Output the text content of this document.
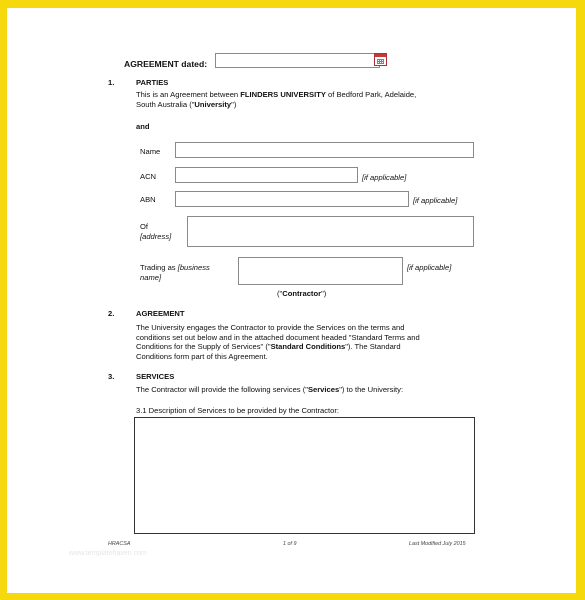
AGREEMENT dated:
1.	PARTIES
This is an Agreement between FLINDERS UNIVERSITY of Bedford Park, Adelaide,
South Australia ("University")
and
Name
ACN	[if applicable]
ABN	[if applicable]
Of
[address]
Trading as [business
name]
[if applicable]
("Contractor")
2.	AGREEMENT
The University engages the Contractor to provide the Services on the terms and
conditions set out below and in the attached document headed "Standard Terms and
Conditions for the Supply of Services" ("Standard Conditions"). The Standard
Conditions form part of this Agreement.
3.	SERVICES
The Contractor will provide the following services ("Services") to the University:
3.1 Description of Services to be provided by the Contractor:
HRACSA	1 of 9	Last Modified July 2015
www.templatehaven.com
